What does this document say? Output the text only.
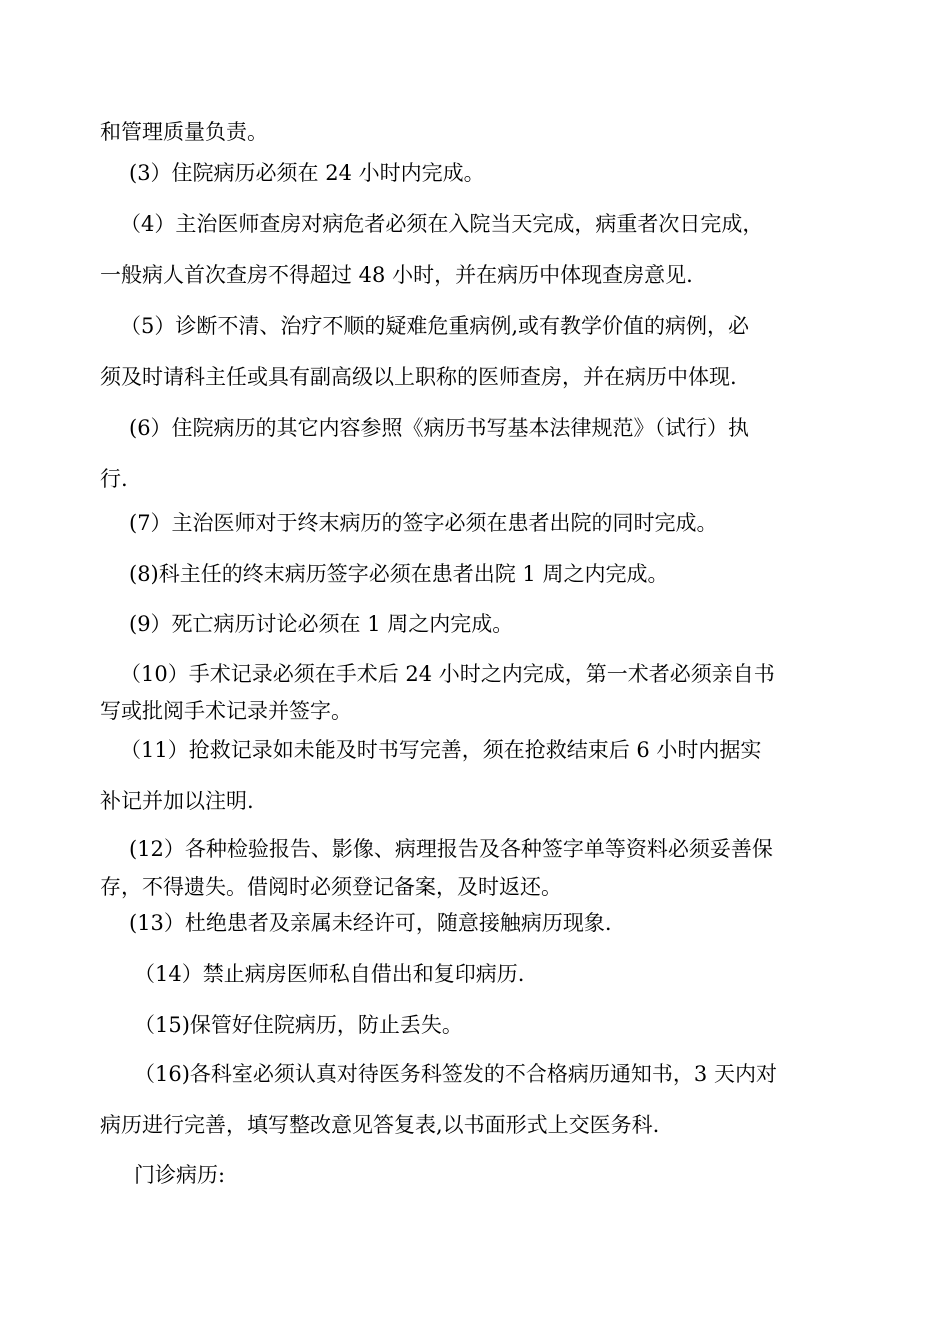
和管理质量负责。
(3）住院病历必须在 24 小时内完成。
（4）主治医师查房对病危者必须在入院当天完成，病重者次日完成，
一般病人首次查房不得超过 48 小时，并在病历中体现查房意见.
（5）诊断不清、治疗不顺的疑难危重病例,或有教学价值的病例，必
须及时请科主任或具有副高级以上职称的医师查房，并在病历中体现.
(6）住院病历的其它内容参照《病历书写基本法律规范》（试行）执
行.
(7）主治医师对于终末病历的签字必须在患者出院的同时完成。
(8)科主任的终末病历签字必须在患者出院 1 周之内完成。
(9）死亡病历讨论必须在 1 周之内完成。
（10）手术记录必须在手术后 24 小时之内完成，第一术者必须亲自书
写或批阅手术记录并签字。
（11）抢救记录如未能及时书写完善，须在抢救结束后 6 小时内据实
补记并加以注明.
(12）各种检验报告、影像、病理报告及各种签字单等资料必须妥善保
存，不得遗失。借阅时必须登记备案，及时返还。
(13）杜绝患者及亲属未经许可，随意接触病历现象.
（14）禁止病房医师私自借出和复印病历.
（15)保管好住院病历，防止丢失。
（16)各科室必须认真对待医务科签发的不合格病历通知书，3 天内对
病历进行完善，填写整改意见答复表,以书面形式上交医务科.
门诊病历:
